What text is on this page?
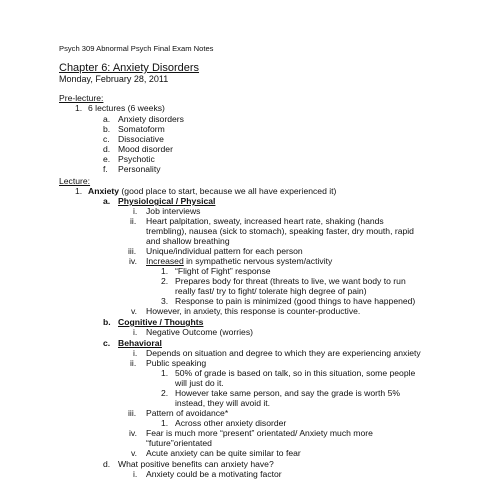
Psych 309 Abnormal Psych Final Exam Notes
Chapter 6: Anxiety Disorders
Monday, February 28, 2011
Pre-lecture:
1. 6 lectures (6 weeks)
a. Anxiety disorders
b. Somatoform
c. Dissociative
d. Mood disorder
e. Psychotic
f. Personality
Lecture:
1. Anxiety (good place to start, because we all have experienced it)
a. Physiological / Physical
i. Job interviews
ii. Heart palpitation, sweaty, increased heart rate, shaking (hands
trembling), nausea (sick to stomach), speaking faster, dry mouth, rapid
and shallow breathing
iii. Unique/individual pattern for each person
iv. Increased in sympathetic nervous system/activity
1. “Flight of Fight” response
2. Prepares body for threat (threats to live, we want body to run
really fast/ try to fight/ tolerate high degree of pain)
3. Response to pain is minimized (good things to have happened)
v. However, in anxiety, this response is counter-productive.
b. Cognitive / Thoughts
i. Negative Outcome (worries)
c. Behavioral
i. Depends on situation and degree to which they are experiencing anxiety
ii. Public speaking
1. 50% of grade is based on talk, so in this situation, some people
will just do it.
2. However take same person, and say the grade is worth 5%
instead, they will avoid it.
iii. Pattern of avoidance*
1. Across other anxiety disorder
iv. Fear is much more “present” orientated/ Anxiety much more
“future”orientated
v. Acute anxiety can be quite similar to fear
d. What positive benefits can anxiety have?
i. Anxiety could be a motivating factor
